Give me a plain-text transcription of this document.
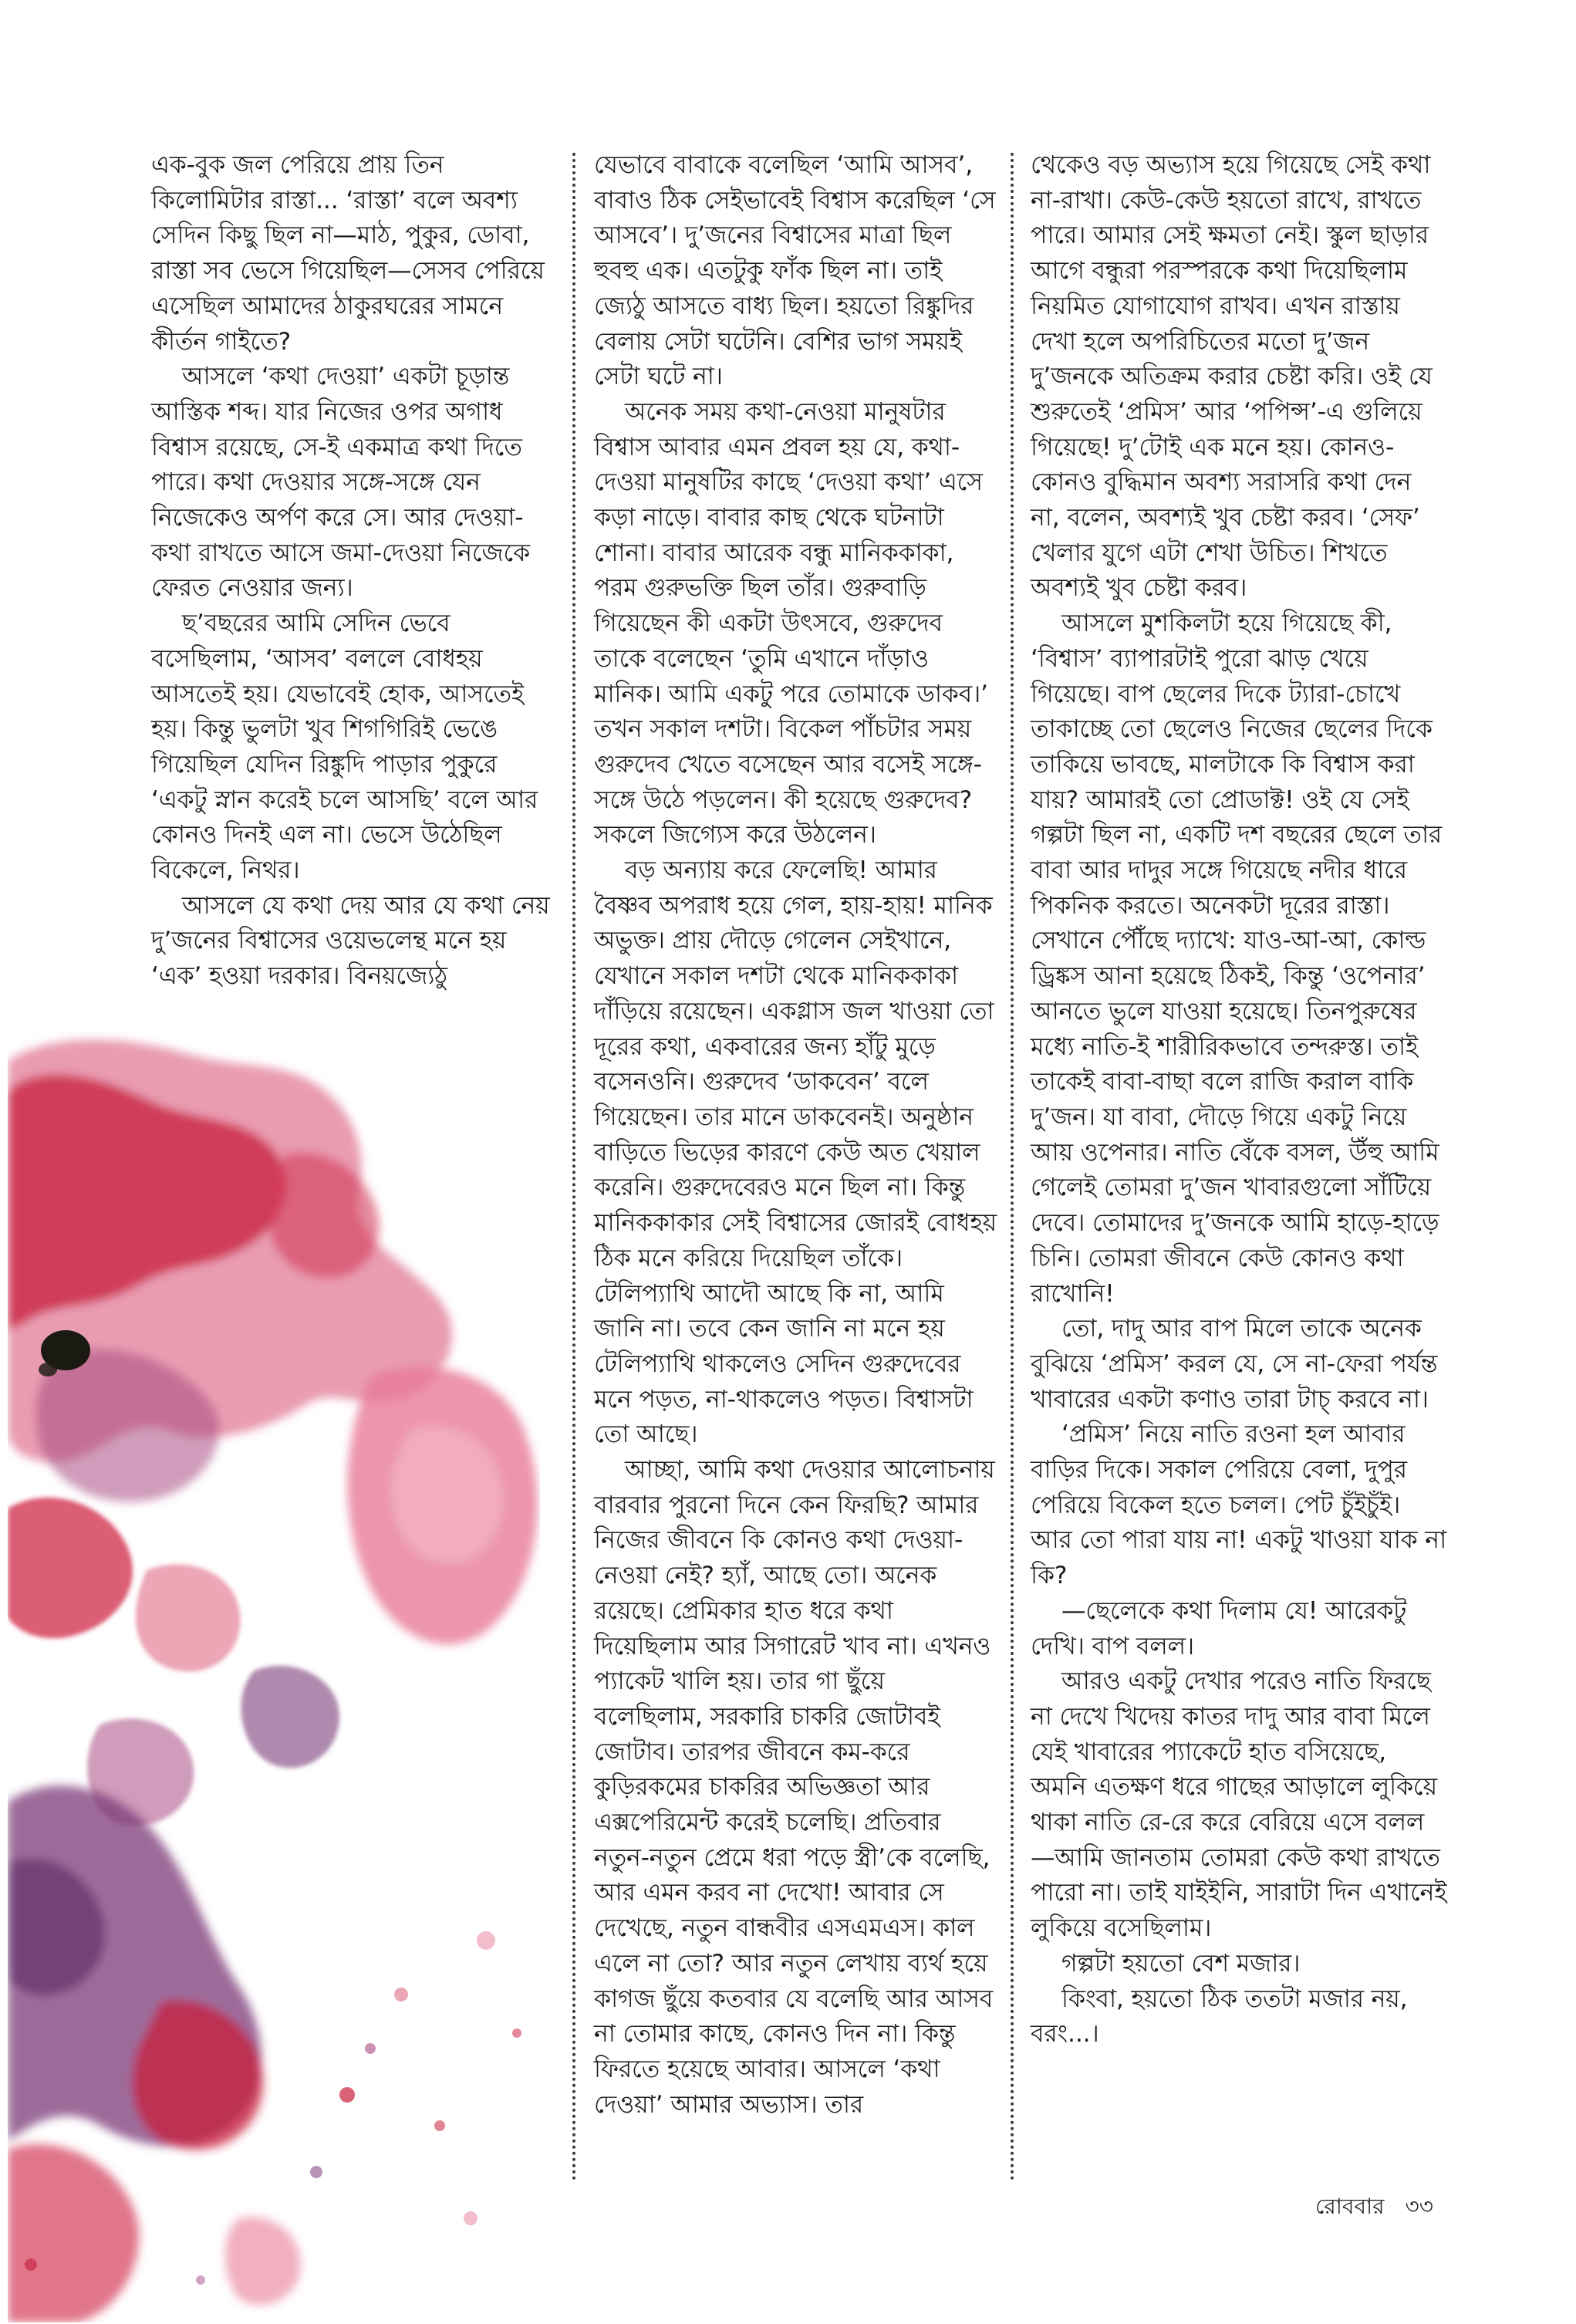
এক-বুক জল পেরিয়ে প্রায় তিন কিলোমিটার রাস্তা... ‘রাস্তা’ বলে অবশ্য সেদিন কিছু ছিল না—মাঠ, পুকুর, ডোবা, রাস্তা সব ভেসে গিয়েছিল—সেসব পেরিয়ে এসেছিল আমাদের ঠাকুরঘরের সামনে কীর্তন গাইতে?

আসলে ‘কথা দেওয়া’ একটা চূড়ান্ত আস্তিক শব্দ। যার নিজের ওপর অগাধ বিশ্বাস রয়েছে, সে-ই একমাত্র কথা দিতে পারে। কথা দেওয়ার সঙ্গে-সঙ্গে যেন নিজেকেও অর্পণ করে সে। আর দেওয়া-কথা রাখতে আসে জমা-দেওয়া নিজেকে ফেরত নেওয়ার জন্য।

ছ’বছরের আমি সেদিন ভেবে বসেছিলাম, ‘আসব’ বললে বোধহয় আসতেই হয়। যেভাবেই হোক, আসতেই হয়। কিন্তু ভুলটা খুব শিগগিরিই ভেঙে গিয়েছিল যেদিন রিঙ্কুদি পাড়ার পুকুরে ‘একটু স্নান করেই চলে আসছি’ বলে আর কোনও দিনই এল না। ভেসে উঠেছিল বিকেলে, নিথর।

আসলে যে কথা দেয় আর যে কথা নেয় দু’জনের বিশ্বাসের ওয়েভলেন্থ মনে হয় ‘এক’ হওয়া দরকার। বিনয়জ্যেঠু

যেভাবে বাবাকে বলেছিল ‘আমি আসব’, বাবাও ঠিক সেইভাবেই বিশ্বাস করেছিল ‘সে আসবে’। দু’জনের বিশ্বাসের মাত্রা ছিল হুবহু এক। এতটুকু ফাঁক ছিল না। তাই জ্যেঠু আসতে বাধ্য ছিল। হয়তো রিঙ্কুদির বেলায় সেটা ঘটেনি। বেশির ভাগ সময়ই সেটা ঘটে না।

অনেক সময় কথা-নেওয়া মানুষটার বিশ্বাস আবার এমন প্রবল হয় যে, কথা-দেওয়া মানুষটির কাছে ‘দেওয়া কথা’ এসে কড়া নাড়ে। বাবার কাছ থেকে ঘটনাটা শোনা। বাবার আরেক বন্ধু মানিককাকা, পরম গুরুভক্তি ছিল তাঁর। গুরুবাড়ি গিয়েছেন কী একটা উৎসবে, গুরুদেব তাকে বলেছেন ‘তুমি এখানে দাঁড়াও মানিক। আমি একটু পরে তোমাকে ডাকব।’ তখন সকাল দশটা। বিকেল পাঁচটার সময় গুরুদেব খেতে বসেছেন আর বসেই সঙ্গে-সঙ্গে উঠে পড়লেন। কী হয়েছে গুরুদেব? সকলে জিগ্যেস করে উঠলেন।

বড় অন্যায় করে ফেলেছি! আমার বৈষ্ণব অপরাধ হয়ে গেল, হায়-হায়! মানিক অভুক্ত। প্রায় দৌড়ে গেলেন সেইখানে, যেখানে সকাল দশটা থেকে মানিককাকা দাঁড়িয়ে রয়েছেন। একগ্লাস জল খাওয়া তো দূরের কথা, একবারের জন্য হাঁটু মুড়ে বসেনওনি। গুরুদেব ‘ডাকবেন’ বলে গিয়েছেন। তার মানে ডাকবেনই। অনুষ্ঠান বাড়িতে ভিড়ের কারণে কেউ অত খেয়াল করেনি। গুরুদেবেরও মনে ছিল না। কিন্তু মানিককাকার সেই বিশ্বাসের জোরই বোধহয় ঠিক মনে করিয়ে দিয়েছিল তাঁকে। টেলিপ্যাথি আদৌ আছে কি না, আমি জানি না। তবে কেন জানি না মনে হয় টেলিপ্যাথি থাকলেও সেদিন গুরুদেবের মনে পড়ত, না-থাকলেও পড়ত। বিশ্বাসটা তো আছে।

আচ্ছা, আমি কথা দেওয়ার আলোচনায় বারবার পুরনো দিনে কেন ফিরছি? আমার নিজের জীবনে কি কোনও কথা দেওয়া-নেওয়া নেই? হ্যাঁ, আছে তো। অনেক রয়েছে। প্রেমিকার হাত ধরে কথা দিয়েছিলাম আর সিগারেট খাব না। এখনও প্যাকেট খালি হয়। তার গা ছুঁয়ে বলেছিলাম, সরকারি চাকরি জোটাবই জোটাব। তারপর জীবনে কম-করে কুড়িরকমের চাকরির অভিজ্ঞতা আর এক্সপেরিমেন্ট করেই চলেছি। প্রতিবার নতুন-নতুন প্রেমে ধরা পড়ে স্ত্রী’কে বলেছি, আর এমন করব না দেখো! আবার সে দেখেছে, নতুন বান্ধবীর এসএমএস। কাল এলে না তো? আর নতুন লেখায় ব্যর্থ হয়ে কাগজ ছুঁয়ে কতবার যে বলেছি আর আসব না তোমার কাছে, কোনও দিন না। কিন্তু ফিরতে হয়েছে আবার। আসলে ‘কথা দেওয়া’ আমার অভ্যাস। তার

থেকেও বড় অভ্যাস হয়ে গিয়েছে সেই কথা না-রাখা। কেউ-কেউ হয়তো রাখে, রাখতে পারে। আমার সেই ক্ষমতা নেই। স্কুল ছাড়ার আগে বন্ধুরা পরস্পরকে কথা দিয়েছিলাম নিয়মিত যোগাযোগ রাখব। এখন রাস্তায় দেখা হলে অপরিচিতের মতো দু’জন দু’জনকে অতিক্রম করার চেষ্টা করি। ওই যে শুরুতেই ‘প্রমিস’ আর ‘পপিন্স’-এ গুলিয়ে গিয়েছে! দু’টোই এক মনে হয়। কোনও-কোনও বুদ্ধিমান অবশ্য সরাসরি কথা দেন না, বলেন, অবশ্যই খুব চেষ্টা করব। ‘সেফ’ খেলার যুগে এটা শেখা উচিত। শিখতে অবশ্যই খুব চেষ্টা করব।

আসলে মুশকিলটা হয়ে গিয়েছে কী, ‘বিশ্বাস’ ব্যাপারটাই পুরো ঝাড় খেয়ে গিয়েছে। বাপ ছেলের দিকে ট্যারা-চোখে তাকাচ্ছে তো ছেলেও নিজের ছেলের দিকে তাকিয়ে ভাবছে, মালটাকে কি বিশ্বাস করা যায়? আমারই তো প্রোডাক্ট! ওই যে সেই গল্পটা ছিল না, একটি দশ বছরের ছেলে তার বাবা আর দাদুর সঙ্গে গিয়েছে নদীর ধারে পিকনিক করতে। অনেকটা দূরের রাস্তা। সেখানে পৌঁছে দ্যাখে: যাও-আ-আ, কোল্ড ড্রিঙ্কস আনা হয়েছে ঠিকই, কিন্তু ‘ওপেনার’ আনতে ভুলে যাওয়া হয়েছে। তিনপুরুষের মধ্যে নাতি-ই শারীরিকভাবে তন্দরুস্ত। তাই তাকেই বাবা-বাছা বলে রাজি করাল বাকি দু’জন। যা বাবা, দৌড়ে গিয়ে একটু নিয়ে আয় ওপেনার। নাতি বেঁকে বসল, উঁহু আমি গেলেই তোমরা দু’জন খাবারগুলো সাঁটিয়ে দেবে। তোমাদের দু’জনকে আমি হাড়ে-হাড়ে চিনি। তোমরা জীবনে কেউ কোনও কথা রাখোনি!

তো, দাদু আর বাপ মিলে তাকে অনেক বুঝিয়ে ‘প্রমিস’ করল যে, সে না-ফেরা পর্যন্ত খাবারের একটা কণাও তারা টাচ্‌ করবে না।

‘প্রমিস’ নিয়ে নাতি রওনা হল আবার বাড়ির দিকে। সকাল পেরিয়ে বেলা, দুপুর পেরিয়ে বিকেল হতে চলল। পেট চুঁইচুঁই। আর তো পারা যায় না! একটু খাওয়া যাক না কি?

—ছেলেকে কথা দিলাম যে! আরেকটু দেখি। বাপ বলল।

আরও একটু দেখার পরেও নাতি ফিরছে না দেখে খিদেয় কাতর দাদু আর বাবা মিলে যেই খাবারের প্যাকেটে হাত বসিয়েছে, অমনি এতক্ষণ ধরে গাছের আড়ালে লুকিয়ে থাকা নাতি রে-রে করে বেরিয়ে এসে বলল—আমি জানতাম তোমরা কেউ কথা রাখতে পারো না। তাই যাইইনি, সারাটা দিন এখানেই লুকিয়ে বসেছিলাম।

গল্পটা হয়তো বেশ মজার।

কিংবা, হয়তো ঠিক ততটা মজার নয়, বরং...।

রোববার ৩৩
